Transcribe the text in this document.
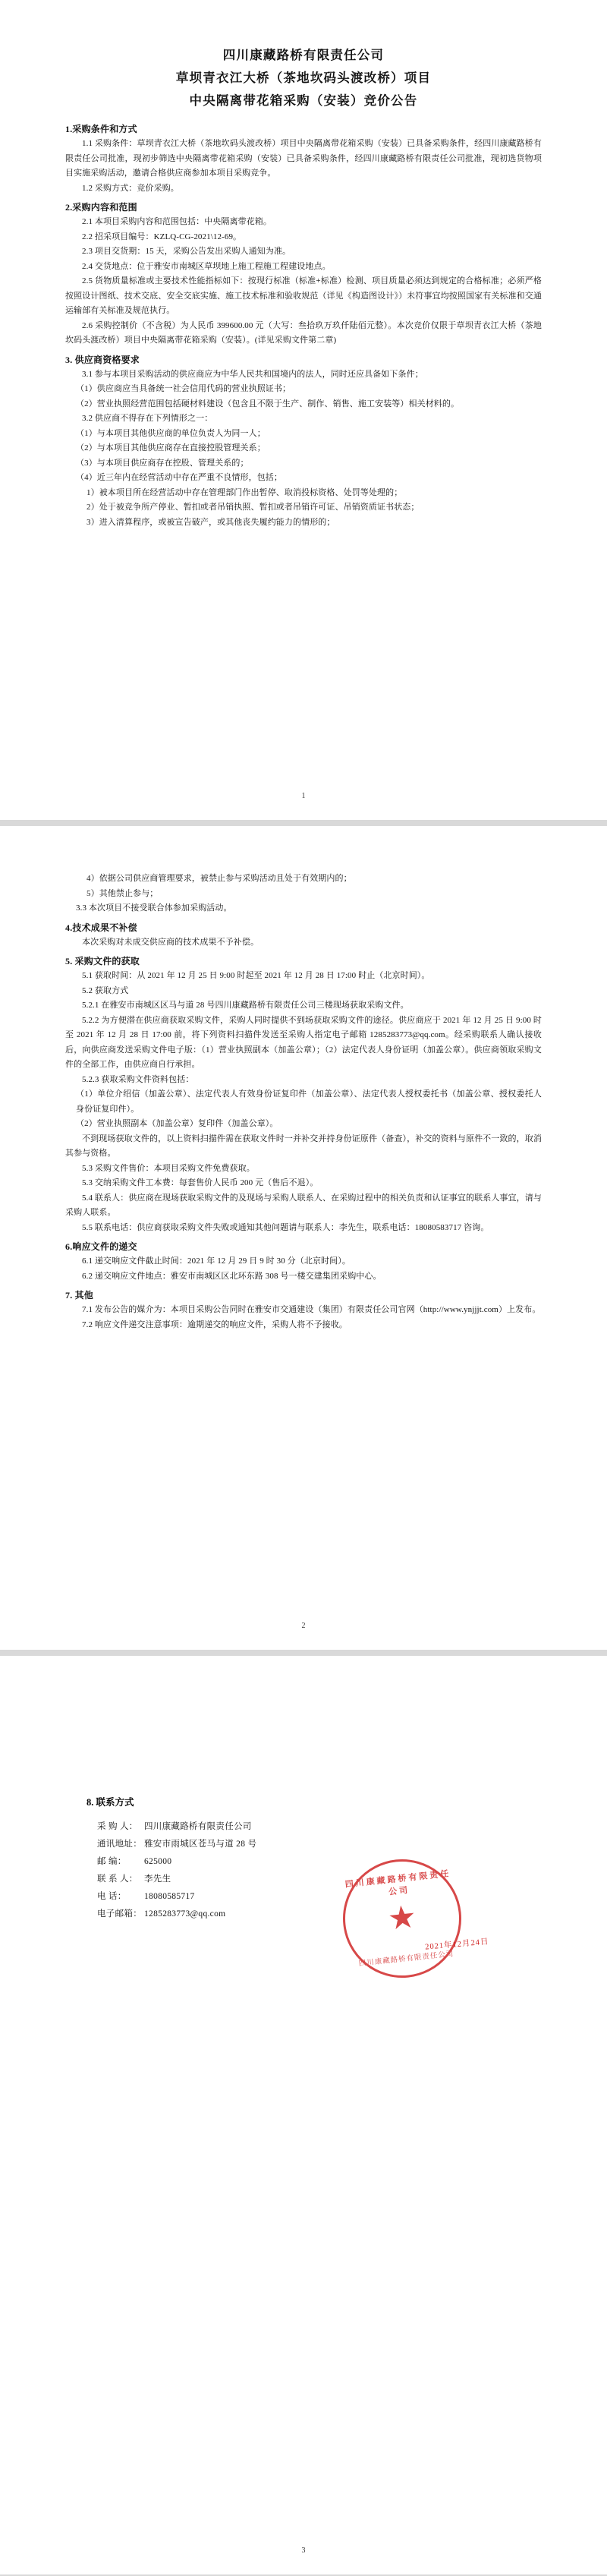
四川康藏路桥有限责任公司
草坝青衣江大桥（茶地坎码头渡改桥）项目
中央隔离带花箱采购（安装）竞价公告
1.采购条件和方式

1.1 采购条件：草坝青衣江大桥（茶地坎码头渡改桥）项目中央隔离带花箱采购（安装）已具备采购条件，经四川康藏路桥有限责任公司批准，现初步筛选中央隔离带花箱采购（安装）已具备采购条件，经四川康藏路桥有限责任公司批准，现初选货物项目实施采购活动，邀请合格供应商参加本项目采购竞争。

1.2 采购方式：竞价采购。

2.采购内容和范围

2.1 本项目采购内容和范围包括：中央隔离带花箱。

2.2 招采项目编号：KZLQ-CG-2021\12-69。

2.3 项目交货期：15 天，采购公告发出采购人通知为准。

2.4 交货地点：位于雅安市南城区草坝地上施工程施工程建设地点。

2.5 货物质量标准或主要技术性能指标如下：按现行标准（标准+标准）检测、项目质量必须达到规定的合格标准；必须严格按照设计图纸、技术交底、安全交底实施、施工技术标准和验收规范（详见《构造图设计》）未符事宜均按照国家有关标准和交通运输部有关标准及规范执行。

2.6 采购控制价（不含税）为人民币 399600.00 元（大写：叁拾玖万玖仟陆佰元整）。本次竞价仅限于草坝青衣江大桥（茶地坎码头渡改桥）项目中央隔离带花箱采购（安装）。(详见采购文件第二章)

3. 供应商资格要求

3.1 参与本项目采购活动的供应商应为中华人民共和国境内的法人，同时还应具备如下条件；

（1）供应商应当具备统一社会信用代码的营业执照证书；

（2）营业执照经营范围包括硬材料建设（包含且不限于生产、制作、销售、施工安装等）相关材料的。

3.2 供应商不得存在下列情形之一：

（1）与本项目其他供应商的单位负责人为同一人；

（2）与本项目其他供应商存在直接控股管理关系；

（3）与本项目供应商存在控股、管理关系的；

（4）近三年内在经营活动中存在严重不良情形，包括；

1）被本项目所在经营活动中存在管理部门作出暂停、取消投标资格、处罚等处理的；

2）处于被竞争所产停业、暂扣或者吊销执照、暂扣或者吊销许可证、吊销资质证书状态；

3）进入清算程序，或被宣告破产，或其他丧失履约能力的情形的；

1

4）依据公司供应商管理要求，被禁止参与采购活动且处于有效期内的；

5）其他禁止参与；

3.3 本次项目不接受联合体参加采购活动。

4.技术成果不补偿

本次采购对未成交供应商的技术成果不予补偿。

5. 采购文件的获取

5.1 获取时间：从 2021 年 12 月 25 日 9:00 时起至 2021 年 12 月 28 日 17:00 时止（北京时间）。

5.2 获取方式

5.2.1 在雅安市南城区区马与道 28 号四川康藏路桥有限责任公司三楼现场获取采购文件。

5.2.2 为方便潜在供应商获取采购文件，采购人同时提供不到场获取采购文件的途径。供应商应于 2021 年 12 月 25 日 9:00 时至 2021 年 12 月 28 日 17:00 前，将下列资料扫描件发送至采购人指定电子邮箱 1285283773@qq.com。经采购联系人确认接收后，向供应商发送采购文件电子版：（1）营业执照副本（加盖公章）；（2）法定代表人身份证明（加盖公章）。供应商领取采购文件的全部工作，由供应商自行承担。

5.2.3 获取采购文件资料包括：

（1）单位介绍信（加盖公章）、法定代表人有效身份证复印件（加盖公章）、法定代表人授权委托书（加盖公章、授权委托人身份证复印件）。

（2）营业执照副本（加盖公章）复印件（加盖公章）。

不到现场获取文件的，以上资料扫描件需在获取文件时一并补交并持身份证原件（备查），补交的资料与原件不一致的，取消其参与资格。

5.3 采购文件售价：本项目采购文件免费获取。

5.3 交纳采购文件工本费：每套售价人民币 200 元（售后不退）。

5.4 联系人：供应商在现场获取采购文件的及现场与采购人联系人、在采购过程中的相关负责和认证事宜的联系人事宜，请与采购人联系。

5.5 联系电话：供应商获取采购文件失败或通知其他问题请与联系人：李先生，联系电话：18080583717 咨询。

6.响应文件的递交

6.1 递交响应文件截止时间：2021 年 12 月 29 日 9 时 30 分（北京时间）。

6.2 递交响应文件地点：雅安市南城区区北环东路 308 号一楼交建集团采购中心。

7. 其他

7.1 发布公告的媒介为：本项目采购公告同时在雅安市交通建设（集团）有限责任公司官网（http://www.ynjjjt.com）上发布。

7.2 响应文件递交注意事项：逾期递交的响应文件，采购人将不予接收。

2
8. 联系方式
采 购 人： 四川康藏路桥有限责任公司
通讯地址： 雅安市雨城区苍马与道 28 号
邮 编： 625000
联 系 人： 李先生
电 话： 18080585717
电子邮箱： 1285283773@qq.com
四川康藏路桥有限责任公司
★
四川康藏路桥有限责任公司
2021年12月24日
3
